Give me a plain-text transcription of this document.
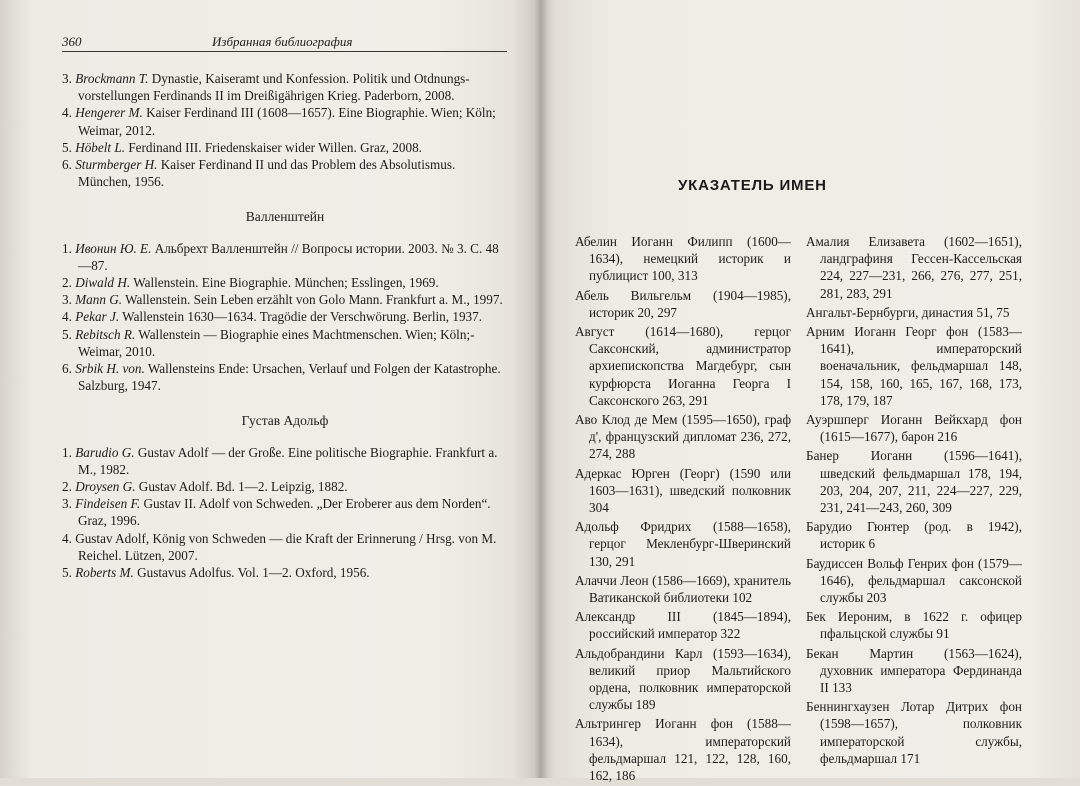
360	Избранная библиография
3. Brockmann T. Dynastie, Kaiseramt und Konfession. Politik und Otdnungs-vorstellungen Ferdinands II im Dreißigährigen Krieg. Paderborn, 2008.
4. Hengerer M. Kaiser Ferdinand III (1608—1657). Eine Biographie. Wien; Köln; Weimar, 2012.
5. Höbelt L. Ferdinand III. Friedenskaiser wider Willen. Graz, 2008.
6. Sturmberger H. Kaiser Ferdinand II und das Problem des Absolutismus. München, 1956.
Валленштейн
1. Ивонин Ю. Е. Альбрехт Валленштейн // Вопросы истории. 2003. № 3. С. 48—87.
2. Diwald H. Wallenstein. Eine Biographie. München; Esslingen, 1969.
3. Mann G. Wallenstein. Sein Leben erzählt von Golo Mann. Frankfurt a. M., 1997.
4. Pekar J. Wallenstein 1630—1634. Tragödie der Verschwörung. Berlin, 1937.
5. Rebitsch R. Wallenstein — Biographie eines Machtmenschen. Wien; Köln;-Weimar, 2010.
6. Srbik H. von. Wallensteins Ende: Ursachen, Verlauf und Folgen der Katastrophe. Salzburg, 1947.
Густав Адольф
1. Barudio G. Gustav Adolf — der Große. Eine politische Biographie. Frankfurt a. M., 1982.
2. Droysen G. Gustav Adolf. Bd. 1—2. Leipzig, 1882.
3. Findeisen F. Gustav II. Adolf von Schweden. „Der Eroberer aus dem Norden“. Graz, 1996.
4. Gustav Adolf, König von Schweden — die Kraft der Erinnerung / Hrsg. von M. Reichel. Lützen, 2007.
5. Roberts M. Gustavus Adolfus. Vol. 1—2. Oxford, 1956.
УКАЗАТЕЛЬ ИМЕН
Абелин Иоганн Филипп (1600—1634), немецкий историк и публицист 100, 313
Абель Вильгельм (1904—1985), историк 20, 297
Август (1614—1680), герцог Саксонский, администратор архиепископства Магдебург, сын курфюрста Иоганна Георга I Саксонского 263, 291
Аво Клод де Мем (1595—1650), граф д', французский дипломат 236, 272, 274, 288
Адеркас Юрген (Георг) (1590 или 1603—1631), шведский полковник 304
Адольф Фридрих (1588—1658), герцог Мекленбург-Шверинский 130, 291
Алаччи Леон (1586—1669), хранитель Ватиканской библиотеки 102
Александр III (1845—1894), российский император 322
Альдобрандини Карл (1593—1634), великий приор Мальтийского ордена, полковник императорской службы 189
Альтрингер Иоганн фон (1588—1634), императорский фельдмаршал 121, 122, 128, 160, 162, 186
Амалия Елизавета (1602—1651), ландграфиня Гессен-Кассельская 224, 227—231, 266, 276, 277, 251, 281, 283, 291
Ангальт-Бернбурги, династия 51, 75
Арним Иоганн Георг фон (1583—1641), императорский военачальник, фельдмаршал 148, 154, 158, 160, 165, 167, 168, 173, 178, 179, 187
Ауэршперг Иоганн Вейкхард фон (1615—1677), барон 216
Банер Иоганн (1596—1641), шведский фельдмаршал 178, 194, 203, 204, 207, 211, 224—227, 229, 231, 241—243, 260, 309
Барудио Гюнтер (род. в 1942), историк 6
Баудиссен Вольф Генрих фон (1579—1646), фельдмаршал саксонской службы 203
Бек Иероним, в 1622 г. офицер пфальцской службы 91
Бекан Мартин (1563—1624), духовник императора Фердинанда II 133
Беннингхаузен Лотар Дитрих фон (1598—1657), полковник императорской службы, фельдмаршал 171
